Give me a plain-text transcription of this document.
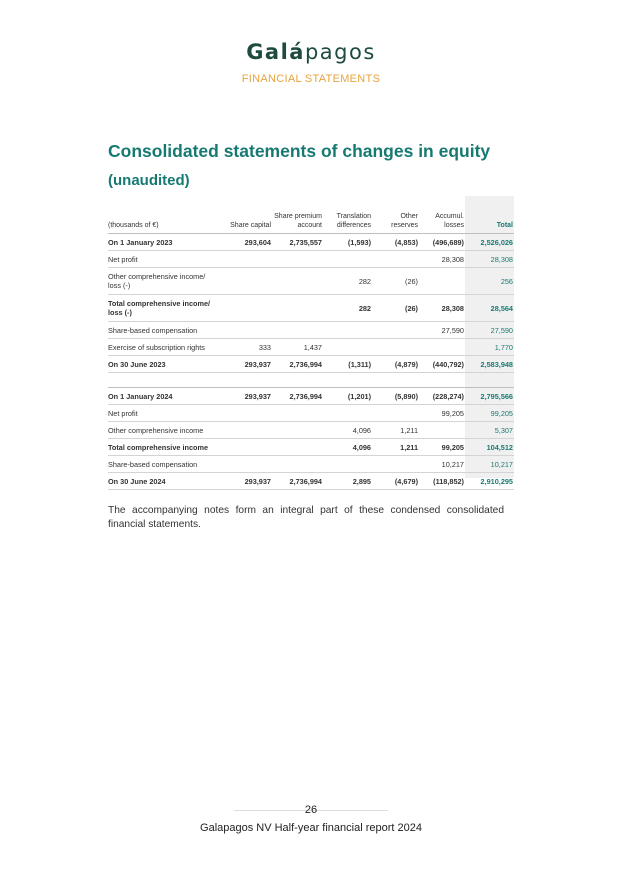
Galápagos
FINANCIAL STATEMENTS
Consolidated statements of changes in equity
(unaudited)
(thousands of €)	Share capital	Share premium account	Translation differences	Other reserves	Accumul. losses	Total
On 1 January 2023	293,604	2,735,557	(1,593)	(4,853)	(496,689)	2,526,026
Net profit					28,308	28,308
Other comprehensive income/ loss (-)			282	(26)		256
Total comprehensive income/ loss (-)			282	(26)	28,308	28,564
Share-based compensation					27,590	27,590
Exercise of subscription rights	333	1,437				1,770
On 30 June 2023	293,937	2,736,994	(1,311)	(4,879)	(440,792)	2,583,948

On 1 January 2024	293,937	2,736,994	(1,201)	(5,890)	(228,274)	2,795,566
Net profit					99,205	99,205
Other comprehensive income			4,096	1,211		5,307
Total comprehensive income			4,096	1,211	99,205	104,512
Share-based compensation					10,217	10,217
On 30 June 2024	293,937	2,736,994	2,895	(4,679)	(118,852)	2,910,295
The accompanying notes form an integral part of these condensed consolidated financial statements.
26
Galapagos NV Half-year financial report 2024
